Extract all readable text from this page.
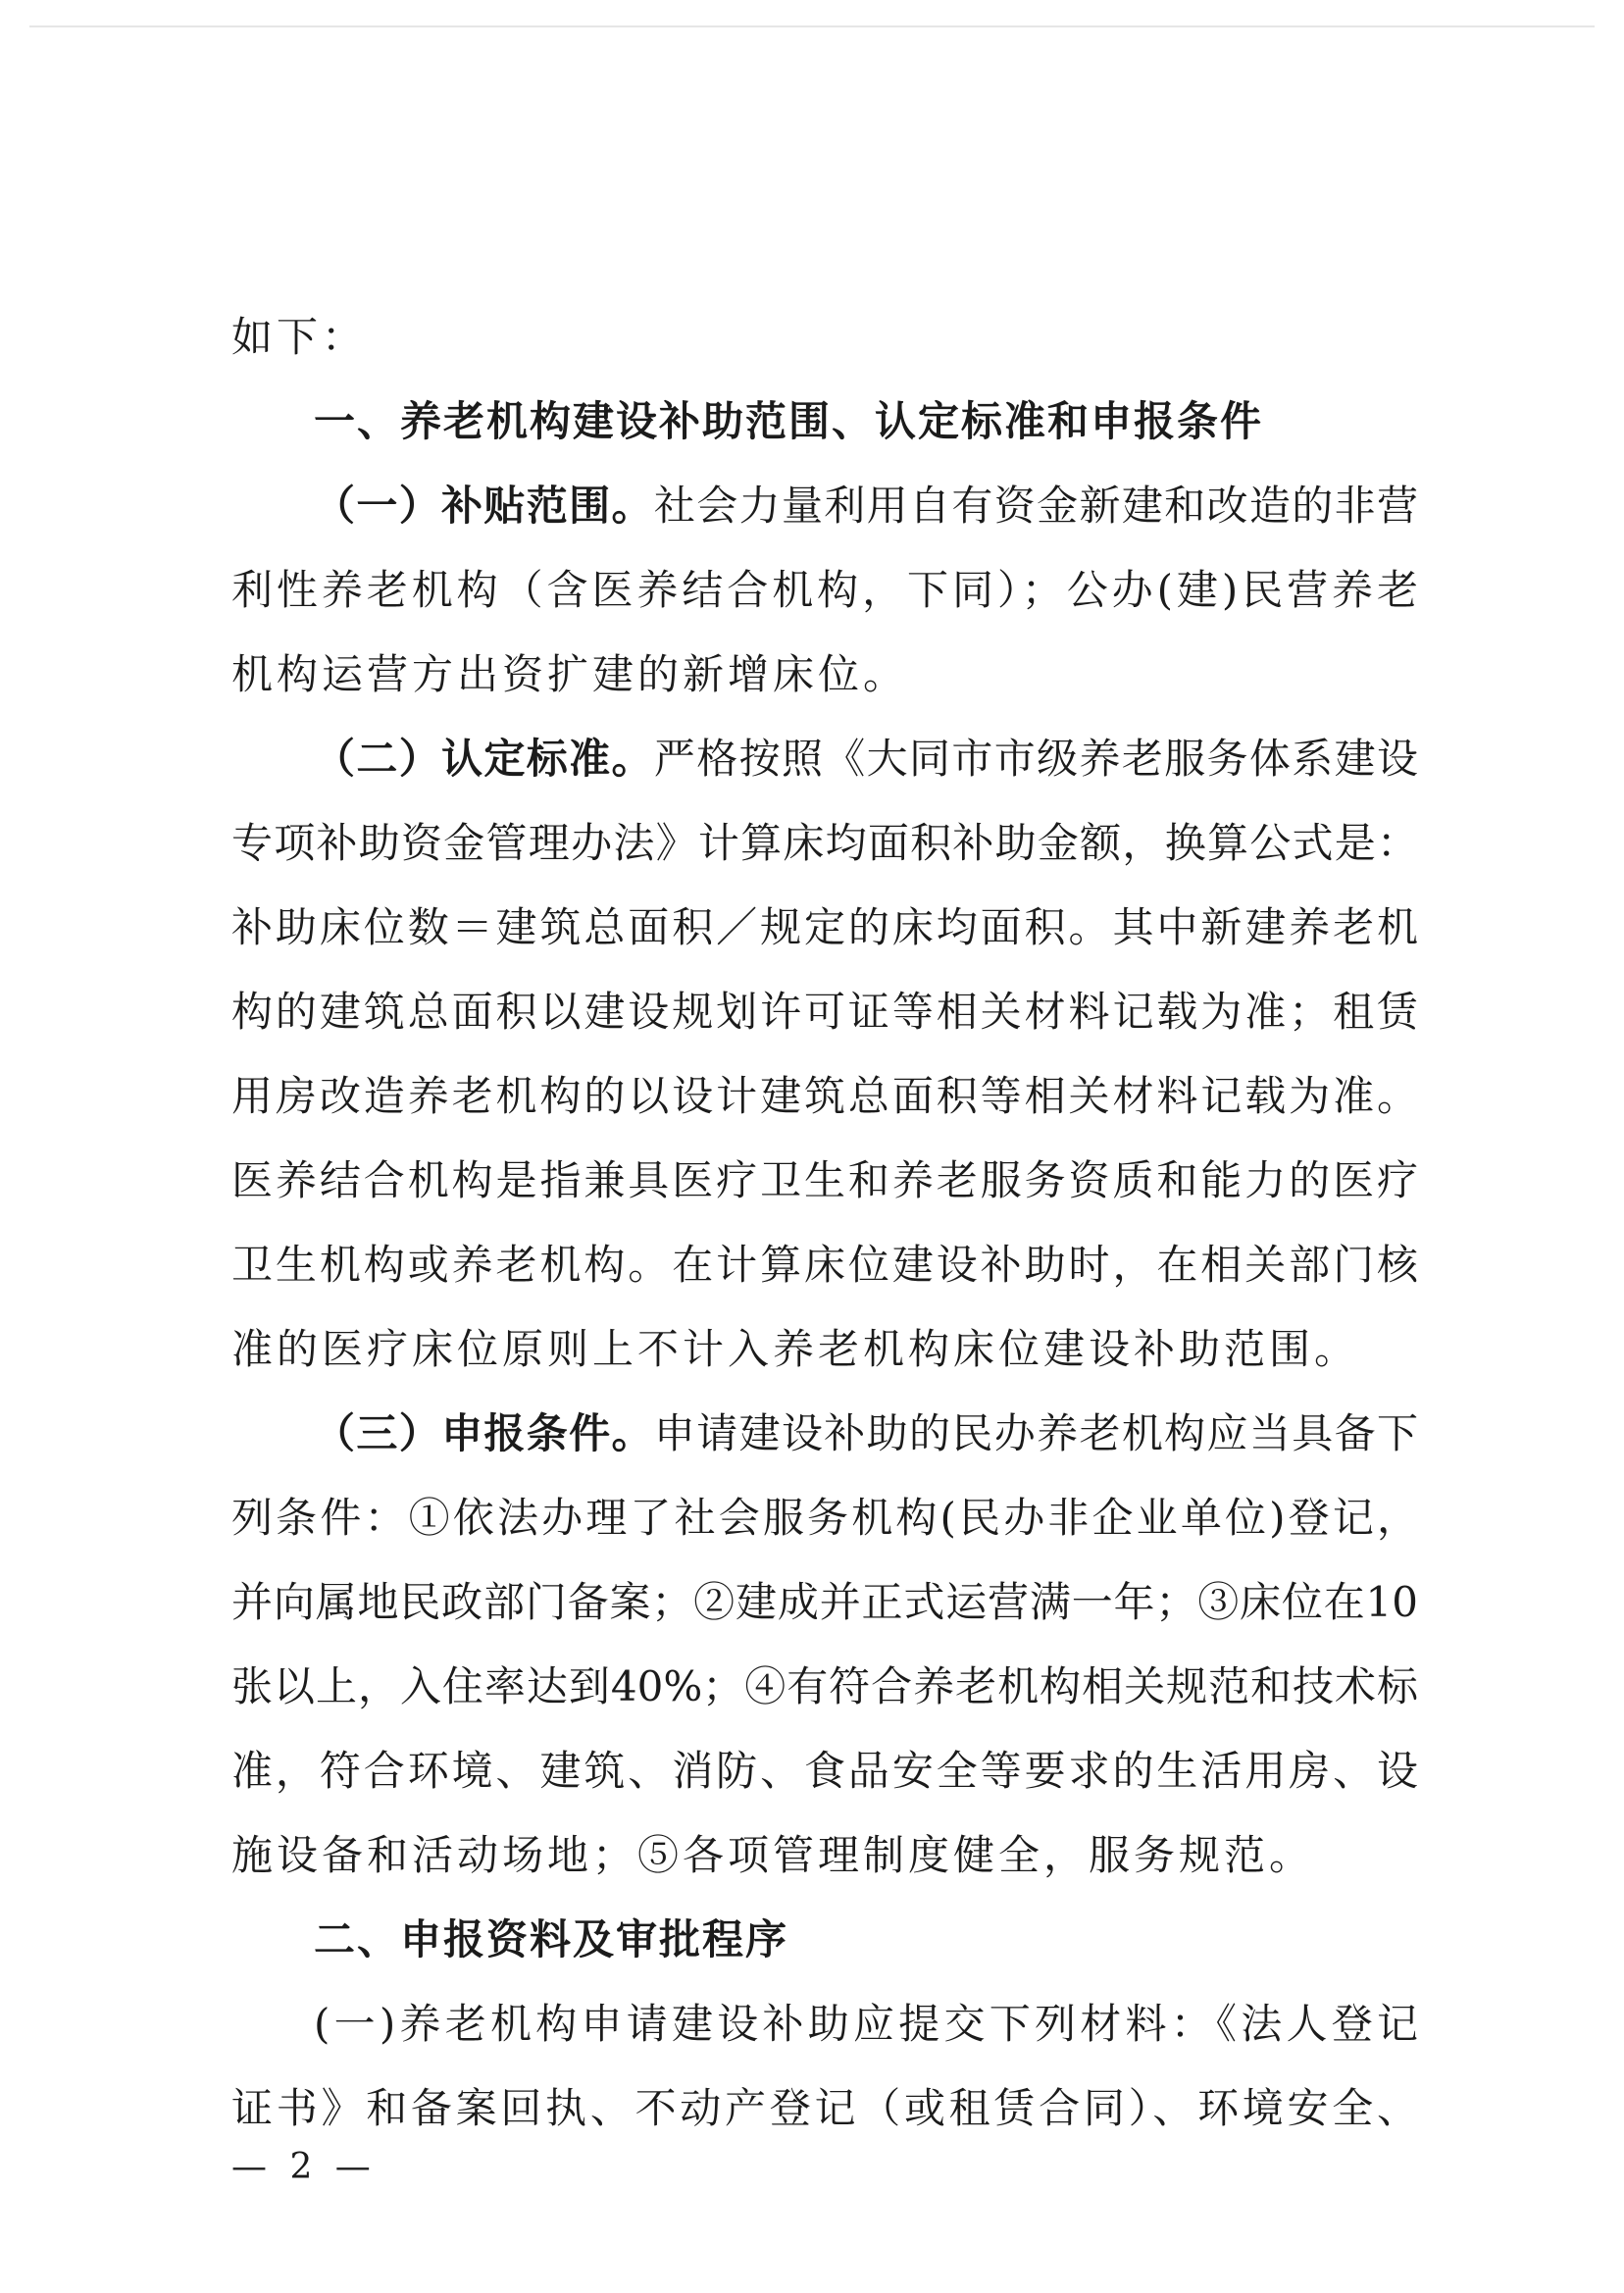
如下：
一、养老机构建设补助范围、认定标准和申报条件
（一）补贴范围。社会力量利用自有资金新建和改造的非营
利性养老机构（含医养结合机构，下同）；公办(建)民营养老
机构运营方出资扩建的新增床位。
（二）认定标准。严格按照《大同市市级养老服务体系建设
专项补助资金管理办法》计算床均面积补助金额，换算公式是：
补助床位数＝建筑总面积／规定的床均面积。其中新建养老机
构的建筑总面积以建设规划许可证等相关材料记载为准；租赁
用房改造养老机构的以设计建筑总面积等相关材料记载为准。
医养结合机构是指兼具医疗卫生和养老服务资质和能力的医疗
卫生机构或养老机构。在计算床位建设补助时，在相关部门核
准的医疗床位原则上不计入养老机构床位建设补助范围。
（三）申报条件。申请建设补助的民办养老机构应当具备下
列条件：①依法办理了社会服务机构(民办非企业单位)登记，
并向属地民政部门备案；②建成并正式运营满一年；③床位在10
张以上，入住率达到40%；④有符合养老机构相关规范和技术标
准，符合环境、建筑、消防、食品安全等要求的生活用房、设
施设备和活动场地；⑤各项管理制度健全，服务规范。
二、申报资料及审批程序
(一)养老机构申请建设补助应提交下列材料：《法人登记
证书》和备案回执、不动产登记（或租赁合同）、环境安全、
— 2 —
